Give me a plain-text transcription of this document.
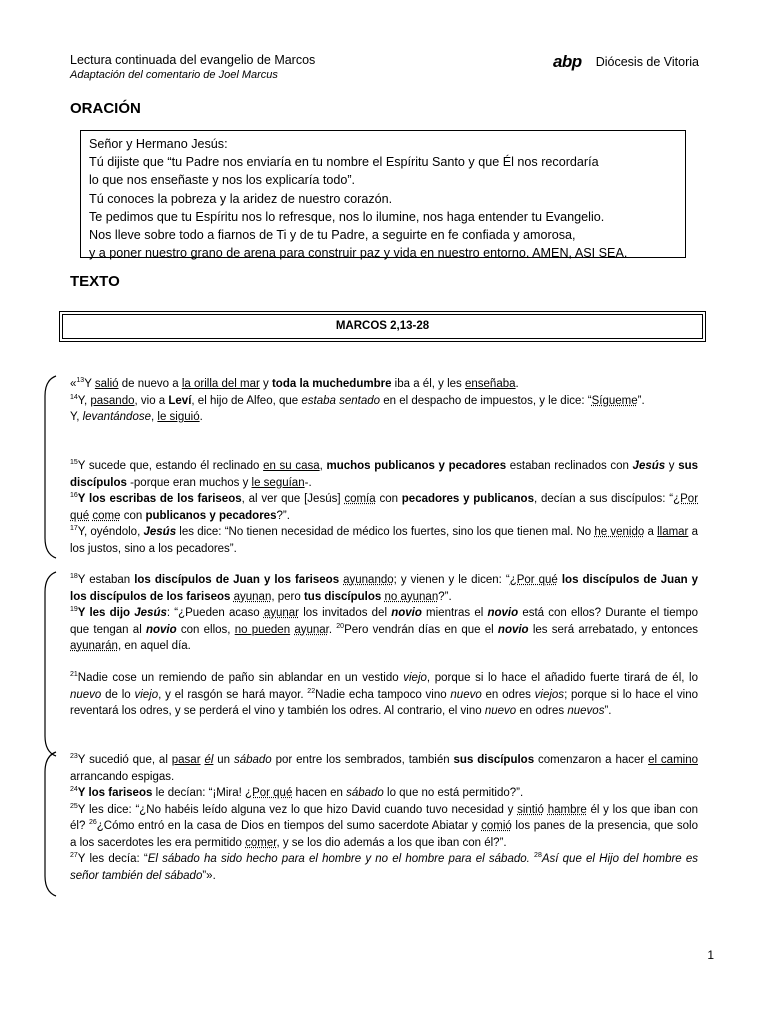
Lectura continuada del evangelio de Marcos
Adaptación del comentario de Joel Marcus
abp Diócesis de Vitoria
ORACIÓN
Señor y Hermano Jesús:
Tú dijiste que “tu Padre nos enviaría en tu nombre el Espíritu Santo y que Él nos recordaría
lo que nos enseñaste y nos los explicaría todo”.
Tú conoces la pobreza y la aridez de nuestro corazón.
Te pedimos que tu Espíritu nos lo refresque, nos lo ilumine, nos haga entender tu Evangelio.
Nos lleve sobre todo a fiarnos de Ti y de tu Padre, a seguirte en fe confiada y amorosa,
y a poner nuestro grano de arena para construir paz y vida en nuestro entorno. AMEN, ASI SEA.
TEXTO
MARCOS 2,13-28
«$^{13}$Y salió de nuevo a la orilla del mar y toda la muchedumbre iba a él, y les enseñaba.
$^{14}$Y, pasando, vio a Leví, el hijo de Alfeo, que estaba sentado en el despacho de impuestos, y le dice: “Sígueme”.
Y, levantándose, le siguió.
$^{15}$Y sucede que, estando él reclinado en su casa, muchos publicanos y pecadores estaban reclinados con Jesús y sus discípulos -porque eran muchos y le seguían-.
$^{16}$Y los escribas de los fariseos, al ver que [Jesús] comía con pecadores y publicanos, decían a sus discípulos: “¿Por qué come con publicanos y pecadores?”.
$^{17}$Y, oyéndolo, Jesús les dice: “No tienen necesidad de médico los fuertes, sino los que tienen mal. No he venido a llamar a los justos, sino a los pecadores”.
$^{18}$Y estaban los discípulos de Juan y los fariseos ayunando; y vienen y le dicen: “¿Por qué los discípulos de Juan y los discípulos de los fariseos ayunan, pero tus discípulos no ayunan?”.
$^{19}$Y les dijo Jesús: “¿Pueden acaso ayunar los invitados del novio mientras el novio está con ellos? Durante el tiempo que tengan al novio con ellos, no pueden ayunar. $^{20}$Pero vendrán días en que el novio les será arrebatado, y entonces ayunarán, en aquel día.
$^{21}$Nadie cose un remiendo de paño sin ablandar en un vestido viejo, porque si lo hace el añadido fuerte tirará de él, lo nuevo de lo viejo, y el rasgón se hará mayor. $^{22}$Nadie echa tampoco vino nuevo en odres viejos; porque si lo hace el vino reventará los odres, y se perderá el vino y también los odres. Al contrario, el vino nuevo en odres nuevos”.
$^{23}$Y sucedió que, al pasar él un sábado por entre los sembrados, también sus discípulos comenzaron a hacer el camino arrancando espigas.
$^{24}$Y los fariseos le decían: “¡Mira! ¿Por qué hacen en sábado lo que no está permitido?”.
$^{25}$Y les dice: “¿No habéis leído alguna vez lo que hizo David cuando tuvo necesidad y sintió hambre él y los que iban con él? $^{26}$¿Cómo entró en la casa de Dios en tiempos del sumo sacerdote Abiatar y comió los panes de la presencia, que solo a los sacerdotes les era permitido comer, y se los dio además a los que iban con él?”.
$^{27}$Y les decía: “El sábado ha sido hecho para el hombre y no el hombre para el sábado. $^{28}$Así que el Hijo del hombre es señor también del sábado”».
1
